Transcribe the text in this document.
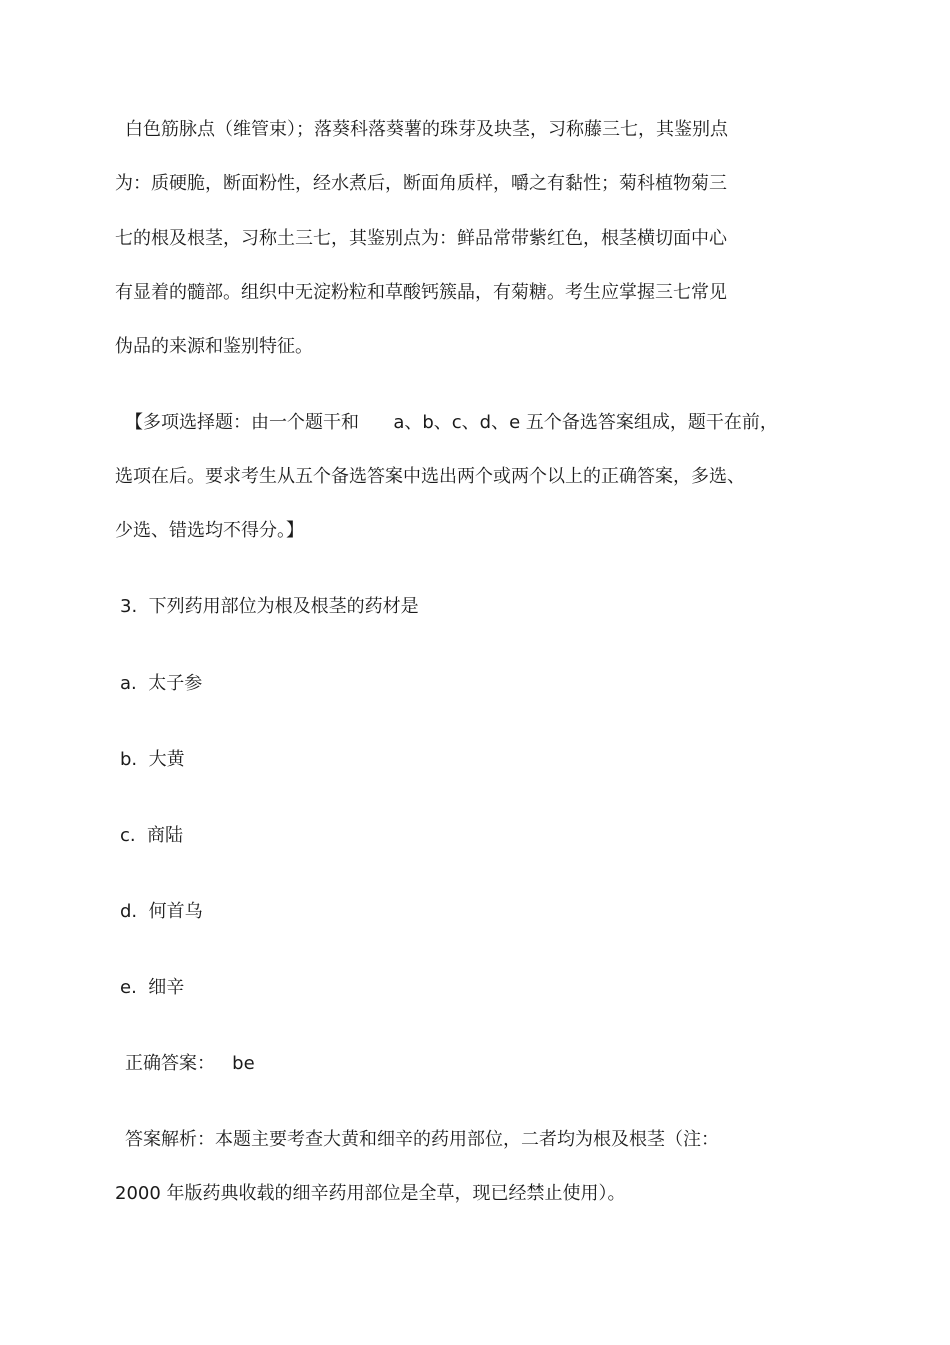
白色筋脉点（维管束）；落葵科落葵薯的珠芽及块茎，习称藤三七，其鉴别点
为：质硬脆，断面粉性，经水煮后，断面角质样，嚼之有黏性；菊科植物菊三
七的根及根茎，习称土三七，其鉴别点为：鲜品常带紫红色，根茎横切面中心
有显着的髓部。组织中无淀粉粒和草酸钙簇晶，有菊糖。考生应掌握三七常见
伪品的来源和鉴别特征。
【多项选择题：由一个题干和      a、b、c、d、e 五个备选答案组成，题干在前，
选项在后。要求考生从五个备选答案中选出两个或两个以上的正确答案，多选、
少选、错选均不得分。】
3.  下列药用部位为根及根茎的药材是
a.  太子参
b.  大黄
c.  商陆
d.  何首乌
e.  细辛
正确答案：   be
答案解析：本题主要考查大黄和细辛的药用部位，二者均为根及根茎（注：
2000 年版药典收载的细辛药用部位是全草，现已经禁止使用）。
